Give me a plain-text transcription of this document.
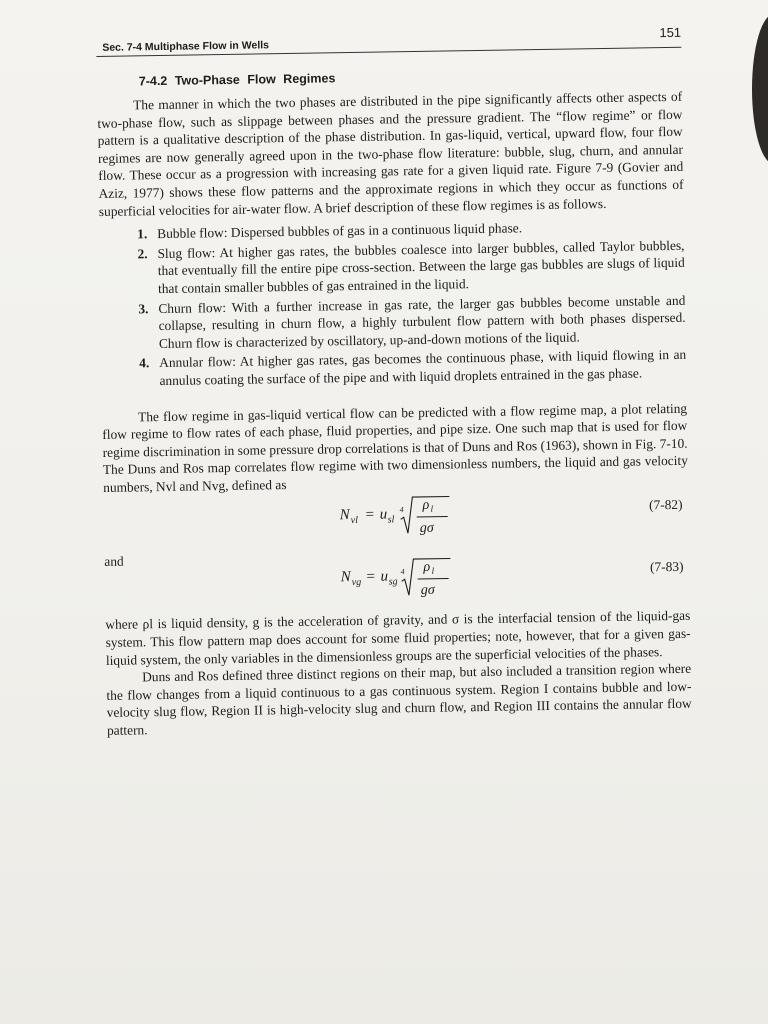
Sec. 7-4 Multiphase Flow in Wells
151
7-4.2 Two-Phase Flow Regimes

The manner in which the two phases are distributed in the pipe significantly affects other aspects of two-phase flow, such as slippage between phases and the pressure gradient. The “flow regime” or flow pattern is a qualitative description of the phase distribution. In gas-liquid, vertical, upward flow, four flow regimes are now generally agreed upon in the two-phase flow literature: bubble, slug, churn, and annular flow. These occur as a progression with increasing gas rate for a given liquid rate. Figure 7-9 (Govier and Aziz, 1977) shows these flow patterns and the approximate regions in which they occur as functions of superficial velocities for air-water flow. A brief description of these flow regimes is as follows.

1. Bubble flow: Dispersed bubbles of gas in a continuous liquid phase.
2. Slug flow: At higher gas rates, the bubbles coalesce into larger bubbles, called Taylor bubbles, that eventually fill the entire pipe cross-section. Between the large gas bubbles are slugs of liquid that contain smaller bubbles of gas entrained in the liquid.
3. Churn flow: With a further increase in gas rate, the larger gas bubbles become unstable and collapse, resulting in churn flow, a highly turbulent flow pattern with both phases dispersed. Churn flow is characterized by oscillatory, up-and-down motions of the liquid.
4. Annular flow: At higher gas rates, gas becomes the continuous phase, with liquid flowing in an annulus coating the surface of the pipe and with liquid droplets entrained in the gas phase.

The flow regime in gas-liquid vertical flow can be predicted with a flow regime map, a plot relating flow regime to flow rates of each phase, fluid properties, and pipe size. One such map that is used for flow regime discrimination in some pressure drop correlations is that of Duns and Ros (1963), shown in Fig. 7-10. The Duns and Ros map correlates flow regime with two dimensionless numbers, the liquid and gas velocity numbers, Nvl and Nvg, defined as

N vl = u sl
4 ρ l
gσ
(7-82)
and
N vg = u sg
4 ρ l
gσ
(7-83)

where ρl is liquid density, g is the acceleration of gravity, and σ is the interfacial tension of the liquid-gas system. This flow pattern map does account for some fluid properties; note, however, that for a given gas-liquid system, the only variables in the dimensionless groups are the superficial velocities of the phases.

Duns and Ros defined three distinct regions on their map, but also included a transition region where the flow changes from a liquid continuous to a gas continuous system. Region I contains bubble and low-velocity slug flow, Region II is high-velocity slug and churn flow, and Region III contains the annular flow pattern.
